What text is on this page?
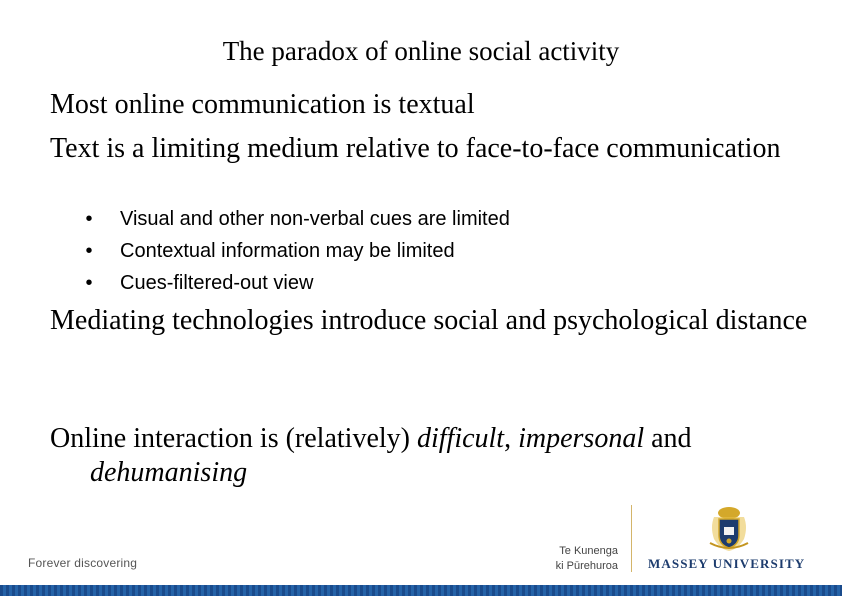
The paradox of online social activity
Most online communication is textual
Text is a limiting medium relative to face-to-face communication
• Visual and other non-verbal cues are limited
• Contextual information may be limited
• Cues-filtered-out view
Mediating technologies introduce social and psychological distance
Online interaction is (relatively) difficult, impersonal and dehumanising
Forever discovering
Te Kunenga
ki Pūrehuroa MASSEY UNIVERSITY
